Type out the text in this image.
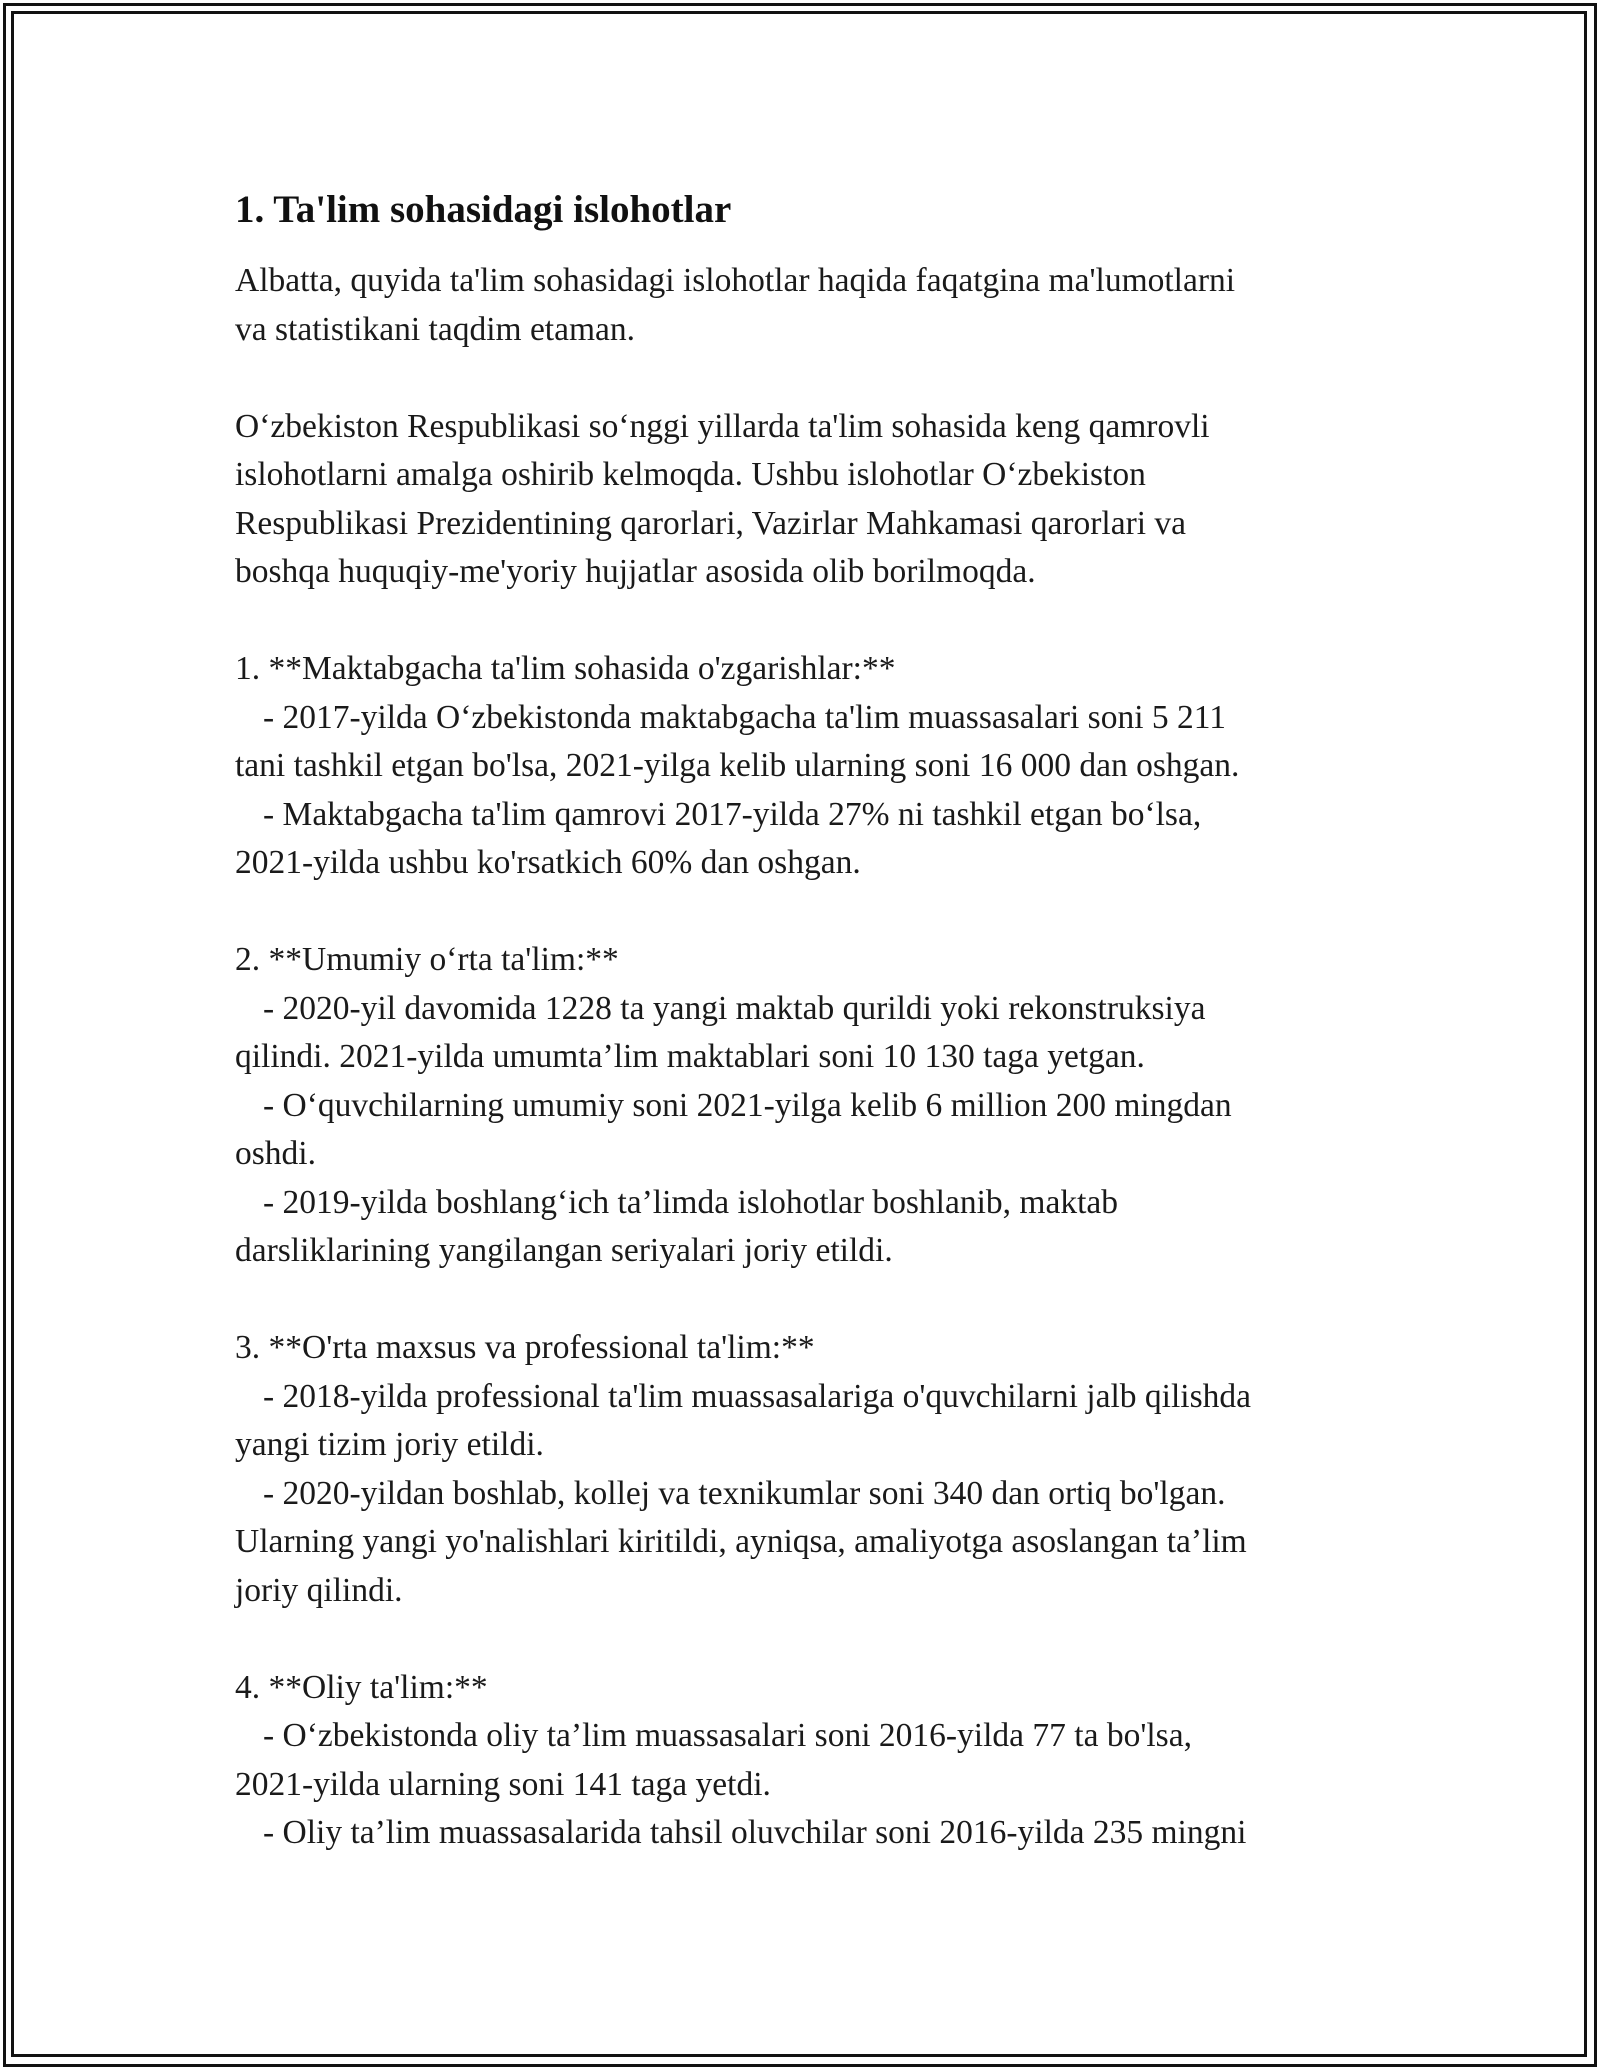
1. Ta'lim sohasidagi islohotlar
Albatta, quyida ta'lim sohasidagi islohotlar haqida faqatgina ma'lumotlarni
va statistikani taqdim etaman.
O‘zbekiston Respublikasi so‘nggi yillarda ta'lim sohasida keng qamrovli
islohotlarni amalga oshirib kelmoqda. Ushbu islohotlar O‘zbekiston
Respublikasi Prezidentining qarorlari, Vazirlar Mahkamasi qarorlari va
boshqa huquqiy-me'yoriy hujjatlar asosida olib borilmoqda.
1. **Maktabgacha ta'lim sohasida o'zgarishlar:**
- 2017-yilda O‘zbekistonda maktabgacha ta'lim muassasalari soni 5 211
tani tashkil etgan bo'lsa, 2021-yilga kelib ularning soni 16 000 dan oshgan.
- Maktabgacha ta'lim qamrovi 2017-yilda 27% ni tashkil etgan bo‘lsa,
2021-yilda ushbu ko'rsatkich 60% dan oshgan.
2. **Umumiy o‘rta ta'lim:**
- 2020-yil davomida 1228 ta yangi maktab qurildi yoki rekonstruksiya
qilindi. 2021-yilda umumta’lim maktablari soni 10 130 taga yetgan.
- O‘quvchilarning umumiy soni 2021-yilga kelib 6 million 200 mingdan
oshdi.
- 2019-yilda boshlang‘ich ta’limda islohotlar boshlanib, maktab
darsliklarining yangilangan seriyalari joriy etildi.
3. **O'rta maxsus va professional ta'lim:**
- 2018-yilda professional ta'lim muassasalariga o'quvchilarni jalb qilishda
yangi tizim joriy etildi.
- 2020-yildan boshlab, kollej va texnikumlar soni 340 dan ortiq bo'lgan.
Ularning yangi yo'nalishlari kiritildi, ayniqsa, amaliyotga asoslangan ta’lim
joriy qilindi.
4. **Oliy ta'lim:**
- O‘zbekistonda oliy ta’lim muassasalari soni 2016-yilda 77 ta bo'lsa,
2021-yilda ularning soni 141 taga yetdi.
- Oliy ta’lim muassasalarida tahsil oluvchilar soni 2016-yilda 235 mingni
